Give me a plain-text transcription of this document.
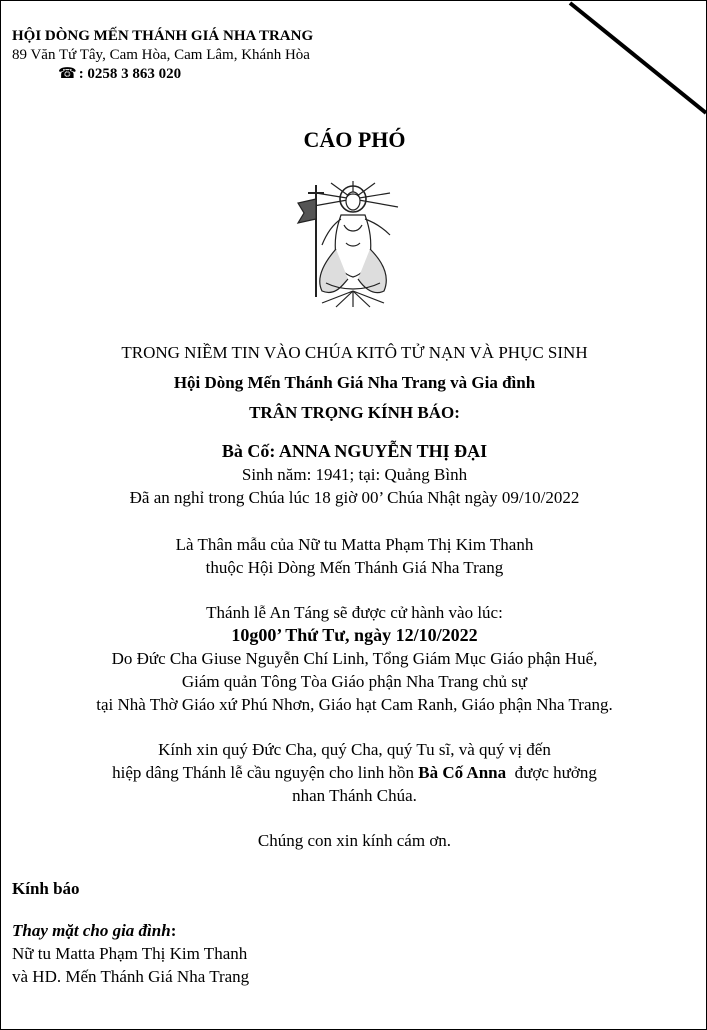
HỘI DÒNG MẾN THÁNH GIÁ NHA TRANG
89 Văn Tứ Tây, Cam Hòa, Cam Lâm, Khánh Hòa
☎ : 0258 3 863 020
CÁO PHÓ

TRONG NIỀM TIN VÀO CHÚA KITÔ TỬ NẠN VÀ PHỤC SINH

Hội Dòng Mến Thánh Giá Nha Trang và Gia đình

TRÂN TRỌNG KÍNH BÁO:

Bà Cố: ANNA NGUYỄN THỊ ĐẠI

Sinh năm: 1941; tại: Quảng Bình

Đã an nghỉ trong Chúa lúc 18 giờ 00’ Chúa Nhật ngày 09/10/2022

Là Thân mẫu của Nữ tu Matta Phạm Thị Kim Thanh

thuộc Hội Dòng Mến Thánh Giá Nha Trang

Thánh lễ An Táng sẽ được cử hành vào lúc:

10g00’ Thứ Tư, ngày 12/10/2022

Do Đức Cha Giuse Nguyễn Chí Linh, Tổng Giám Mục Giáo phận Huế,

Giám quản Tông Tòa Giáo phận Nha Trang chủ sự

tại Nhà Thờ Giáo xứ Phú Nhơn, Giáo hạt Cam Ranh, Giáo phận Nha Trang.

Kính xin quý Đức Cha, quý Cha, quý Tu sĩ, và quý vị đến

hiệp dâng Thánh lễ cầu nguyện cho linh hồn Bà Cố Anna  được hưởng

nhan Thánh Chúa.

Chúng con xin kính cám ơn.

Kính báo

Thay mặt cho gia đình:

Nữ tu Matta Phạm Thị Kim Thanh

và HD. Mến Thánh Giá Nha Trang
